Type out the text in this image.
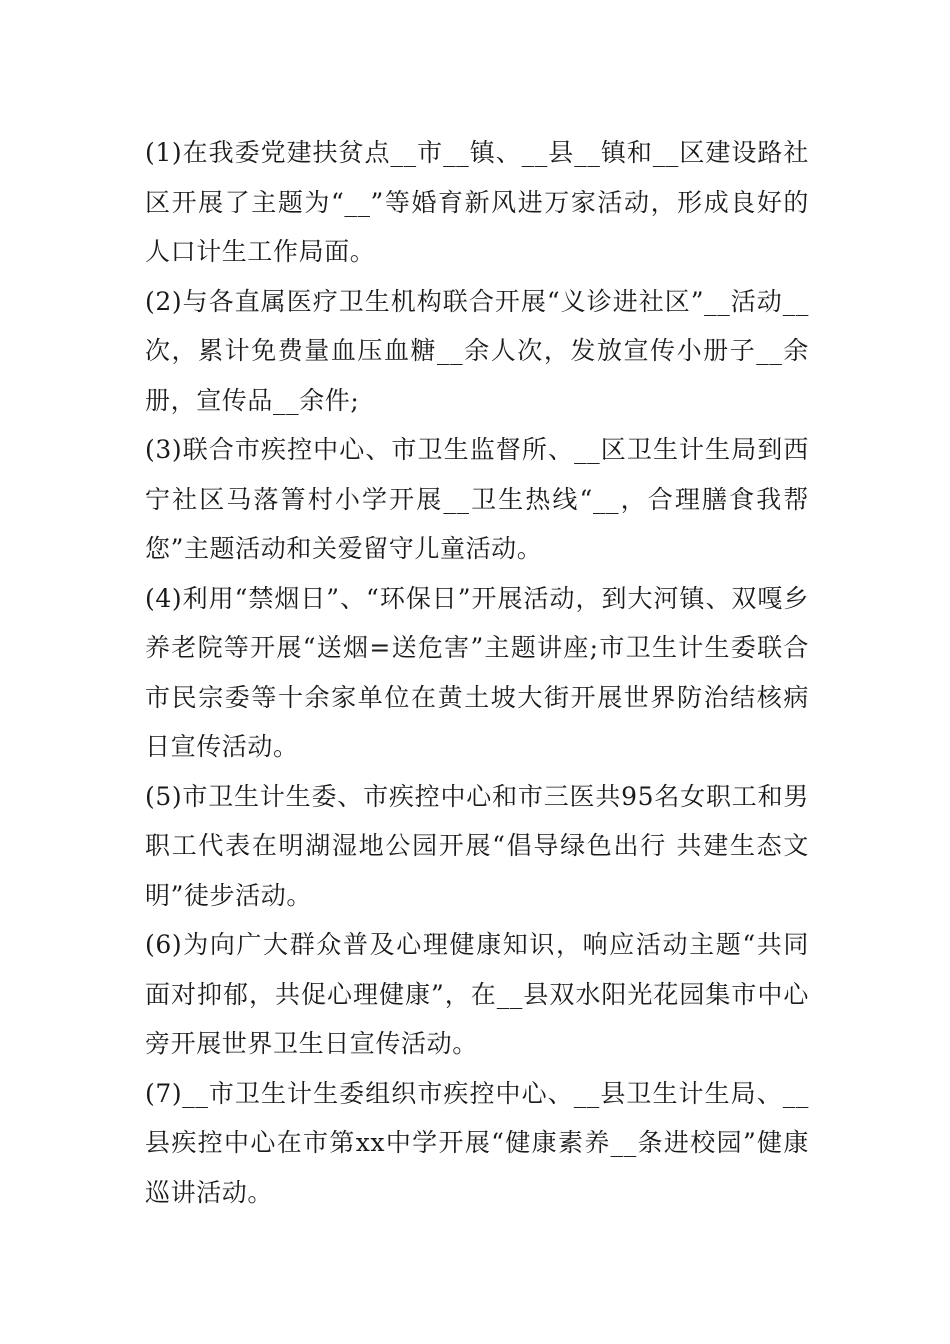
(1)在我委党建扶贫点__市__镇、__县__镇和__区建设路社区开展了主题为“__”等婚育新风进万家活动，形成良好的人口计生工作局面。

(2)与各直属医疗卫生机构联合开展“义诊进社区”__活动__次，累计免费量血压血糖__余人次，发放宣传小册子__余册，宣传品__余件;

(3)联合市疾控中心、市卫生监督所、__区卫生计生局到西宁社区马落箐村小学开展__卫生热线“__，合理膳食我帮您”主题活动和关爱留守儿童活动。

(4)利用“禁烟日”、“环保日”开展活动，到大河镇、双嘎乡养老院等开展“送烟=送危害”主题讲座;市卫生计生委联合市民宗委等十余家单位在黄土坡大街开展世界防治结核病日宣传活动。

(5)市卫生计生委、市疾控中心和市三医共95名女职工和男职工代表在明湖湿地公园开展“倡导绿色出行 共建生态文明”徒步活动。

(6)为向广大群众普及心理健康知识，响应活动主题“共同面对抑郁，共促心理健康”，在__县双水阳光花园集市中心旁开展世界卫生日宣传活动。

(7)__市卫生计生委组织市疾控中心、__县卫生计生局、__县疾控中心在市第xx中学开展“健康素养__条进校园”健康巡讲活动。
